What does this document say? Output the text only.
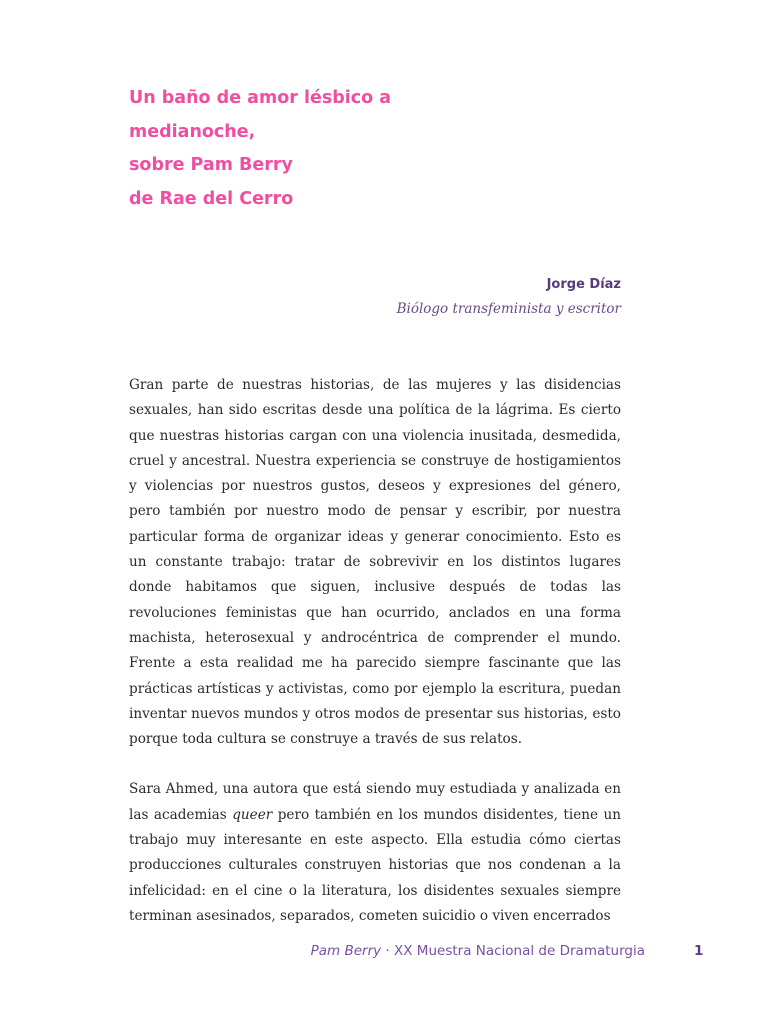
Un baño de amor lésbico a
medianoche,
sobre Pam Berry
de Rae del Cerro
Jorge Díaz
Biólogo transfeminista y escritor

Gran parte de nuestras historias, de las mujeres y las disidencias sexuales, han sido escritas desde una política de la lágrima. Es cierto que nuestras historias cargan con una violencia inusitada, desmedida, cruel y ancestral. Nuestra experiencia se construye de hostigamientos y violencias por nuestros gustos, deseos y expresiones del género, pero también por nuestro modo de pensar y escribir, por nuestra particular forma de organizar ideas y generar conocimiento. Esto es un constante trabajo: tratar de sobrevivir en los distintos lugares donde habitamos que siguen, inclusive después de todas las revoluciones feministas que han ocurrido, anclados en una forma machista, heterosexual y androcéntrica de comprender el mundo. Frente a esta realidad me ha parecido siempre fascinante que las prácticas artísticas y activistas, como por ejemplo la escritura, puedan inventar nuevos mundos y otros modos de presentar sus historias, esto porque toda cultura se construye a través de sus relatos.

Sara Ahmed, una autora que está siendo muy estudiada y analizada en las academias queer pero también en los mundos disidentes, tiene un trabajo muy interesante en este aspecto. Ella estudia cómo ciertas producciones culturales construyen historias que nos condenan a la infelicidad: en el cine o la literatura, los disidentes sexuales siempre terminan asesinados, separados, cometen suicidio o viven encerrados

Pam Berry · XX Muestra Nacional de Dramaturgia	1
